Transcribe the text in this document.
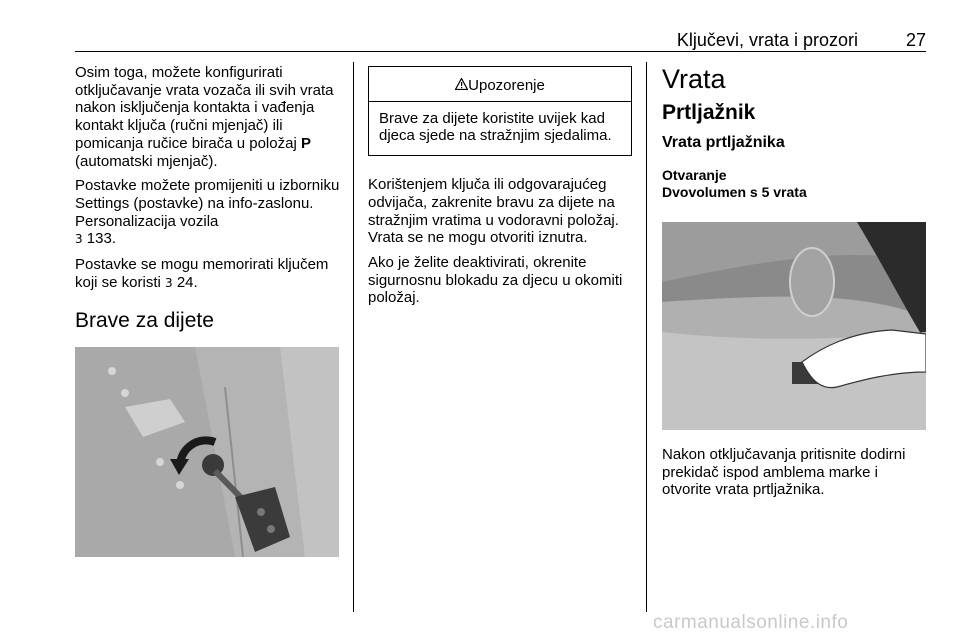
Ključevi, vrata i prozori	27

Osim toga, možete konfigurirati otključavanje vrata vozača ili svih vrata nakon isključenja kontakta i vađenja kontakt ključa (ručni mjenjač) ili pomicanja ručice birača u položaj P (automatski mjenjač).

Postavke možete promijeniti u izborniku Settings (postavke) na info-zaslonu. Personalizacija vozila
3 133.

Postavke se mogu memorirati ključem koji se koristi 3 24.

Brave za dijete
Upozorenje
Brave za dijete koristite uvijek kad djeca sjede na stražnjim sjedalima.

Korištenjem ključa ili odgovarajućeg odvijača, zakrenite bravu za dijete na stražnjim vratima u vodoravni položaj. Vrata se ne mogu otvoriti iznutra.

Ako je želite deaktivirati, okrenite sigurnosnu blokadu za djecu u okomiti položaj.

Vrata
Prtljažnik
Vrata prtljažnika
Otvaranje
Dvovolumen s 5 vrata

Nakon otključavanja pritisnite dodirni prekidač ispod amblema marke i otvorite vrata prtljažnika.

carmanualsonline.info
